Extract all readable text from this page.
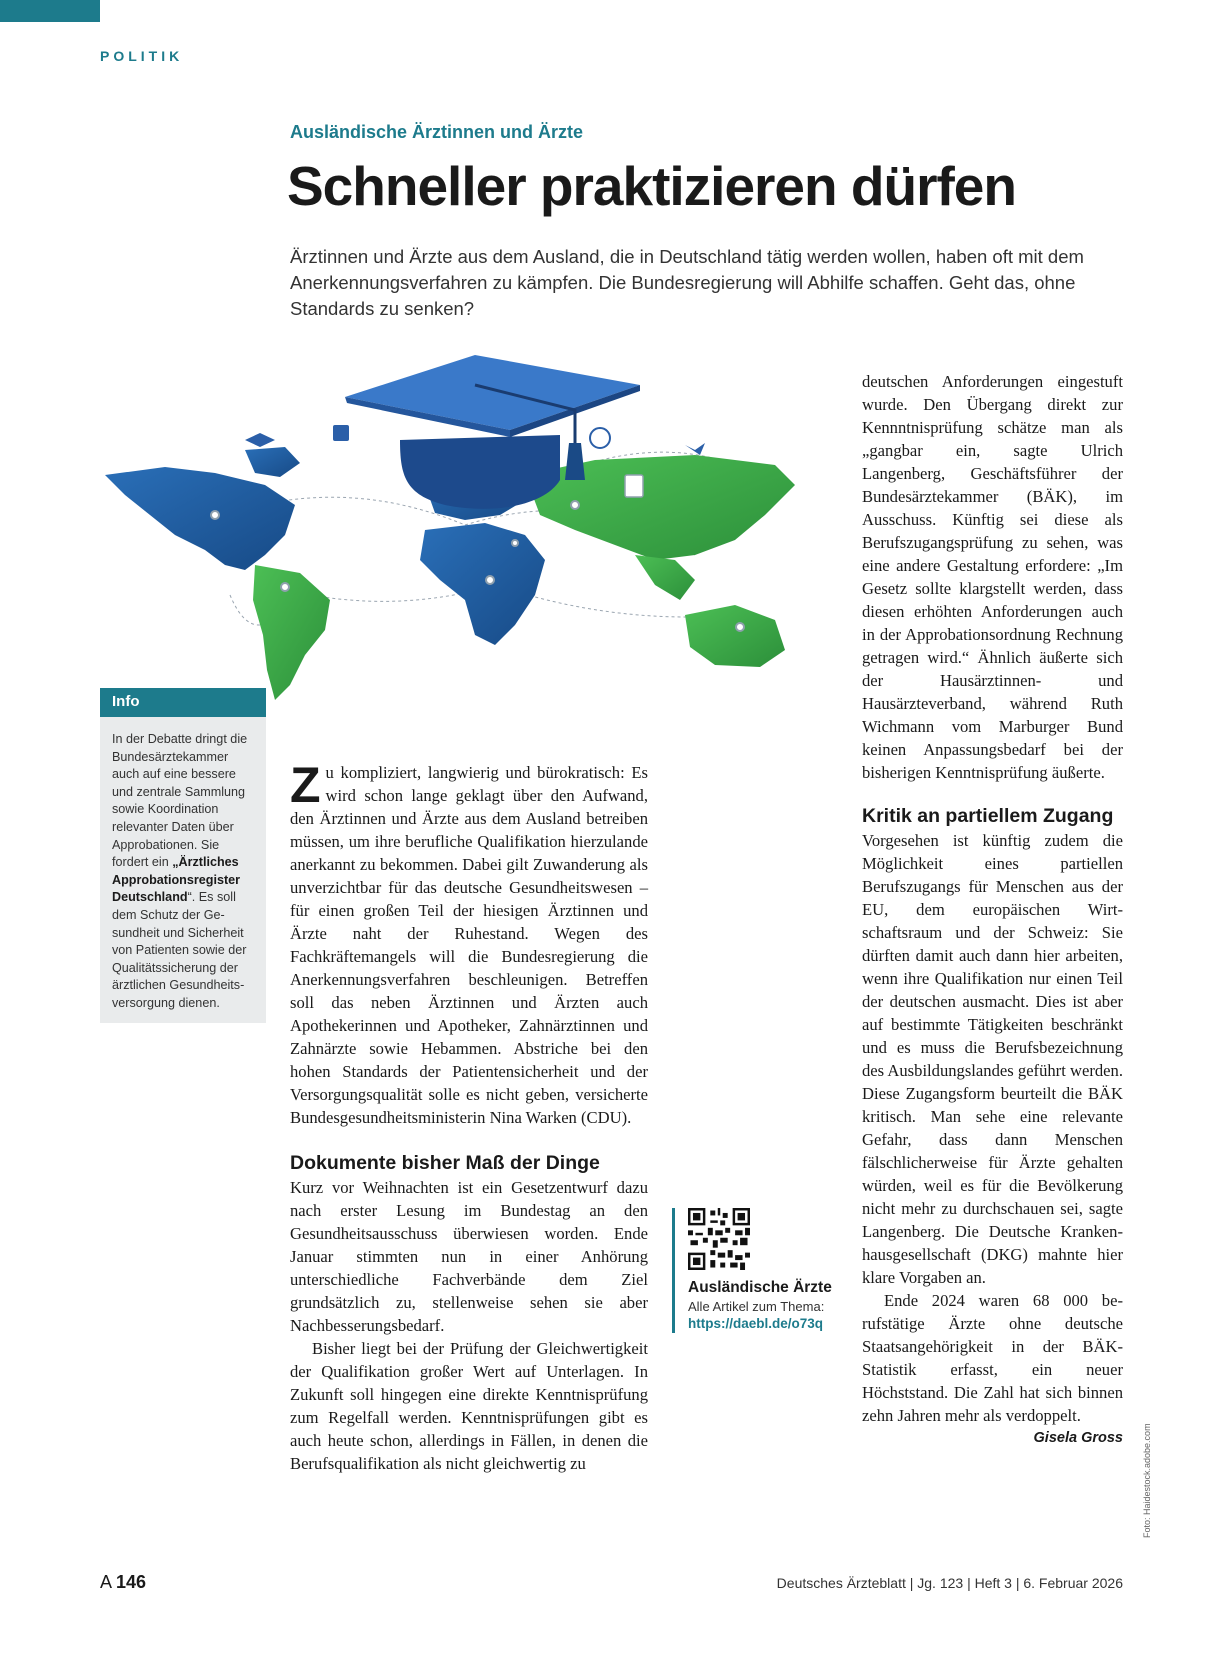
POLITIK
Ausländische Ärztinnen und Ärzte
Schneller praktizieren dürfen

Ärztinnen und Ärzte aus dem Ausland, die in Deutschland tätig werden wollen, haben oft mit dem Anerkennungsverfahren zu kämpfen. Die Bundesregierung will Abhilfe schaffen. Geht das, ohne Standards zu senken?

Info
In der Debatte dringt die Bundesärztekammer auch auf eine bessere und zentrale Sammlung sowie Koordination relevanter Daten über Approbationen. Sie fordert ein „Ärztliches Approbationsregister Deutschland“. Es soll dem Schutz der Gesundheit und Sicherheit von Patienten sowie der Qualitätssicherung der ärztlichen Gesundheitsversorgung dienen.

Zu kompliziert, langwierig und bürokratisch: Es wird schon lange geklagt über den Aufwand, den Ärztinnen und Ärzte aus dem Ausland betreiben müssen, um ihre berufliche Qualifikation hierzulande anerkannt zu bekommen. Dabei gilt Zuwanderung als unverzichtbar für das deutsche Gesundheitswesen – für einen großen Teil der hiesigen Ärztinnen und Ärzte naht der Ruhestand. Wegen des Fachkräftemangels will die Bundesregierung die Anerkennungsverfahren beschleunigen. Betreffen soll das neben Ärztinnen und Ärzten auch Apothekerinnen und Apotheker, Zahnärztinnen und Zahnärzte sowie Hebammen. Abstriche bei den hohen Standards der Patientensicherheit und der Versorgungsqualität solle es nicht geben, versicherte Bundesgesundheitsministerin Nina Warken (CDU).

Dokumente bisher Maß der Dinge

Kurz vor Weihnachten ist ein Gesetzentwurf dazu nach erster Lesung im Bundestag an den Gesundheitsausschuss überwiesen worden. Ende Januar stimmten nun in einer Anhörung unterschiedliche Fachverbände dem Ziel grundsätzlich zu, stellenweise sehen sie aber Nachbesserungsbedarf.

Bisher liegt bei der Prüfung der Gleichwertigkeit der Qualifikation großer Wert auf Unterlagen. In Zukunft soll hingegen eine direkte Kenntnisprüfung zum Regelfall werden. Kenntnisprüfungen gibt es auch heute schon, allerdings in Fällen, in denen die Berufsqualifikation als nicht gleichwertig zu

Ausländische Ärzte
Alle Artikel zum Thema:
https://daebl.de/o73q

deutschen Anforderungen eingestuft wurde. Den Übergang direkt zur Kennntnisprüfung schätze man als „gangbar ein, sagte Ulrich Langenberg, Geschäftsführer der Bundesärztekammer (BÄK), im Ausschuss. Künftig sei diese als Berufszugangsprüfung zu sehen, was eine andere Gestaltung erfordere: „Im Gesetz sollte klargstellt werden, dass diesen erhöhten Anforderungen auch in der Approbationsordnung Rechnung getragen wird.“ Ähnlich äußerte sich der Hausärztinnen- und Hausärzteverband, während Ruth Wichmann vom Marburger Bund keinen Anpassungsbedarf bei der bisherigen Kenntnisprüfung äußerte.

Kritik an partiellem Zugang

Vorgesehen ist künftig zudem die Möglichkeit eines partiellen Berufszugangs für Menschen aus der EU, dem europäischen Wirtschaftsraum und der Schweiz: Sie dürften damit auch dann hier arbeiten, wenn ihre Qualifikation nur einen Teil der deutschen ausmacht. Dies ist aber auf bestimmte Tätigkeiten beschränkt und es muss die Berufsbezeichnung des Ausbildungslandes geführt werden. Diese Zugangsform beurteilt die BÄK kritisch. Man sehe eine relevante Gefahr, dass dann Menschen fälschlicherweise für Ärzte gehalten würden, weil es für die Bevölkerung nicht mehr zu durchschauen sei, sagte Langenberg. Die Deutsche Krankenhausgesellschaft (DKG) mahnte hier klare Vorgaben an.

Ende 2024 waren 68 000 berufstätige Ärzte ohne deutsche Staatsangehörigkeit in der BÄK-Statistik erfasst, ein neuer Höchststand. Die Zahl hat sich binnen zehn Jahren mehr als verdoppelt.
Gisela Gross Foto: Haidestock.adobe.com
A 146	Deutsches Ärzteblatt | Jg. 123 | Heft 3 | 6. Februar 2026
